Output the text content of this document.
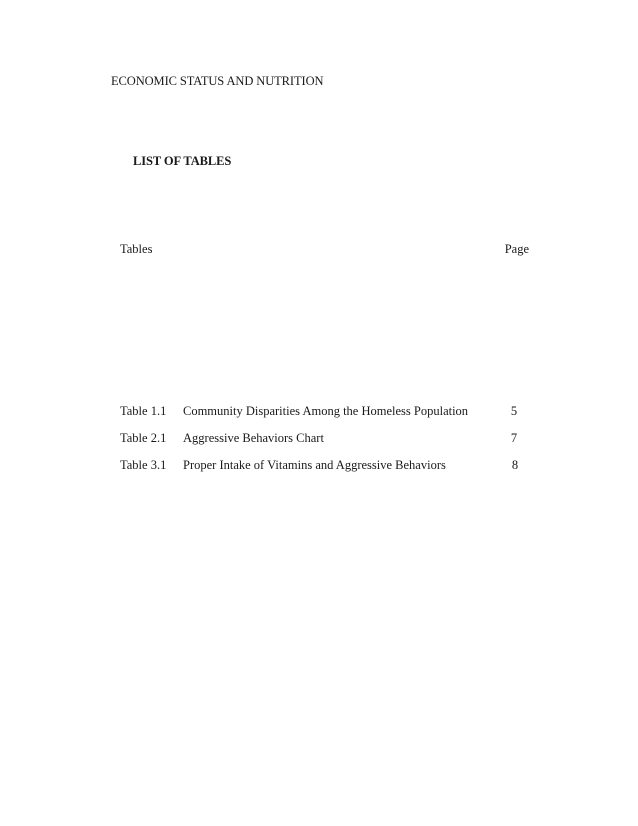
ECONOMIC STATUS AND NUTRITION
LIST OF TABLES
Tables	Page
Table 1.1 Community Disparities Among the Homeless Population	5
Table 2.1 Aggressive Behaviors Chart	7
Table 3.1 Proper Intake of Vitamins and Aggressive Behaviors	8
